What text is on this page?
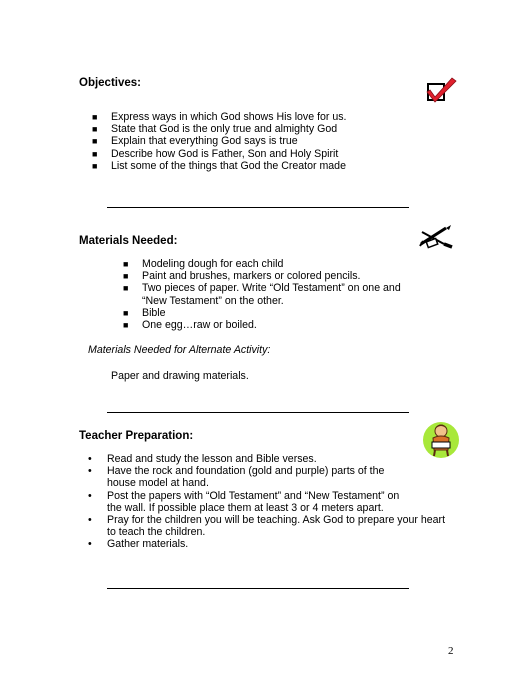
Objectives:
■ Express ways in which God shows His love for us.
■ State that God is the only true and almighty God
■ Explain that everything God says is true
■ Describe how God is Father, Son and Holy Spirit
■ List some of the things that God the Creator made
Materials Needed:
■ Modeling dough for each child
■ Paint and brushes, markers or colored pencils.
■ Two pieces of paper. Write “Old Testament” on one and
“New Testament” on the other.
■ Bible
■ One egg…raw or boiled.
Materials Needed for Alternate Activity:
Paper and drawing materials.
Teacher Preparation:
• Read and study the lesson and Bible verses.
• Have the rock and foundation (gold and purple) parts of the
house model at hand.
• Post the papers with “Old Testament” and “New Testament” on
the wall. If possible place them at least 3 or 4 meters apart.
• Pray for the children you will be teaching. Ask God to prepare your heart
to teach the children.
• Gather materials.
2
